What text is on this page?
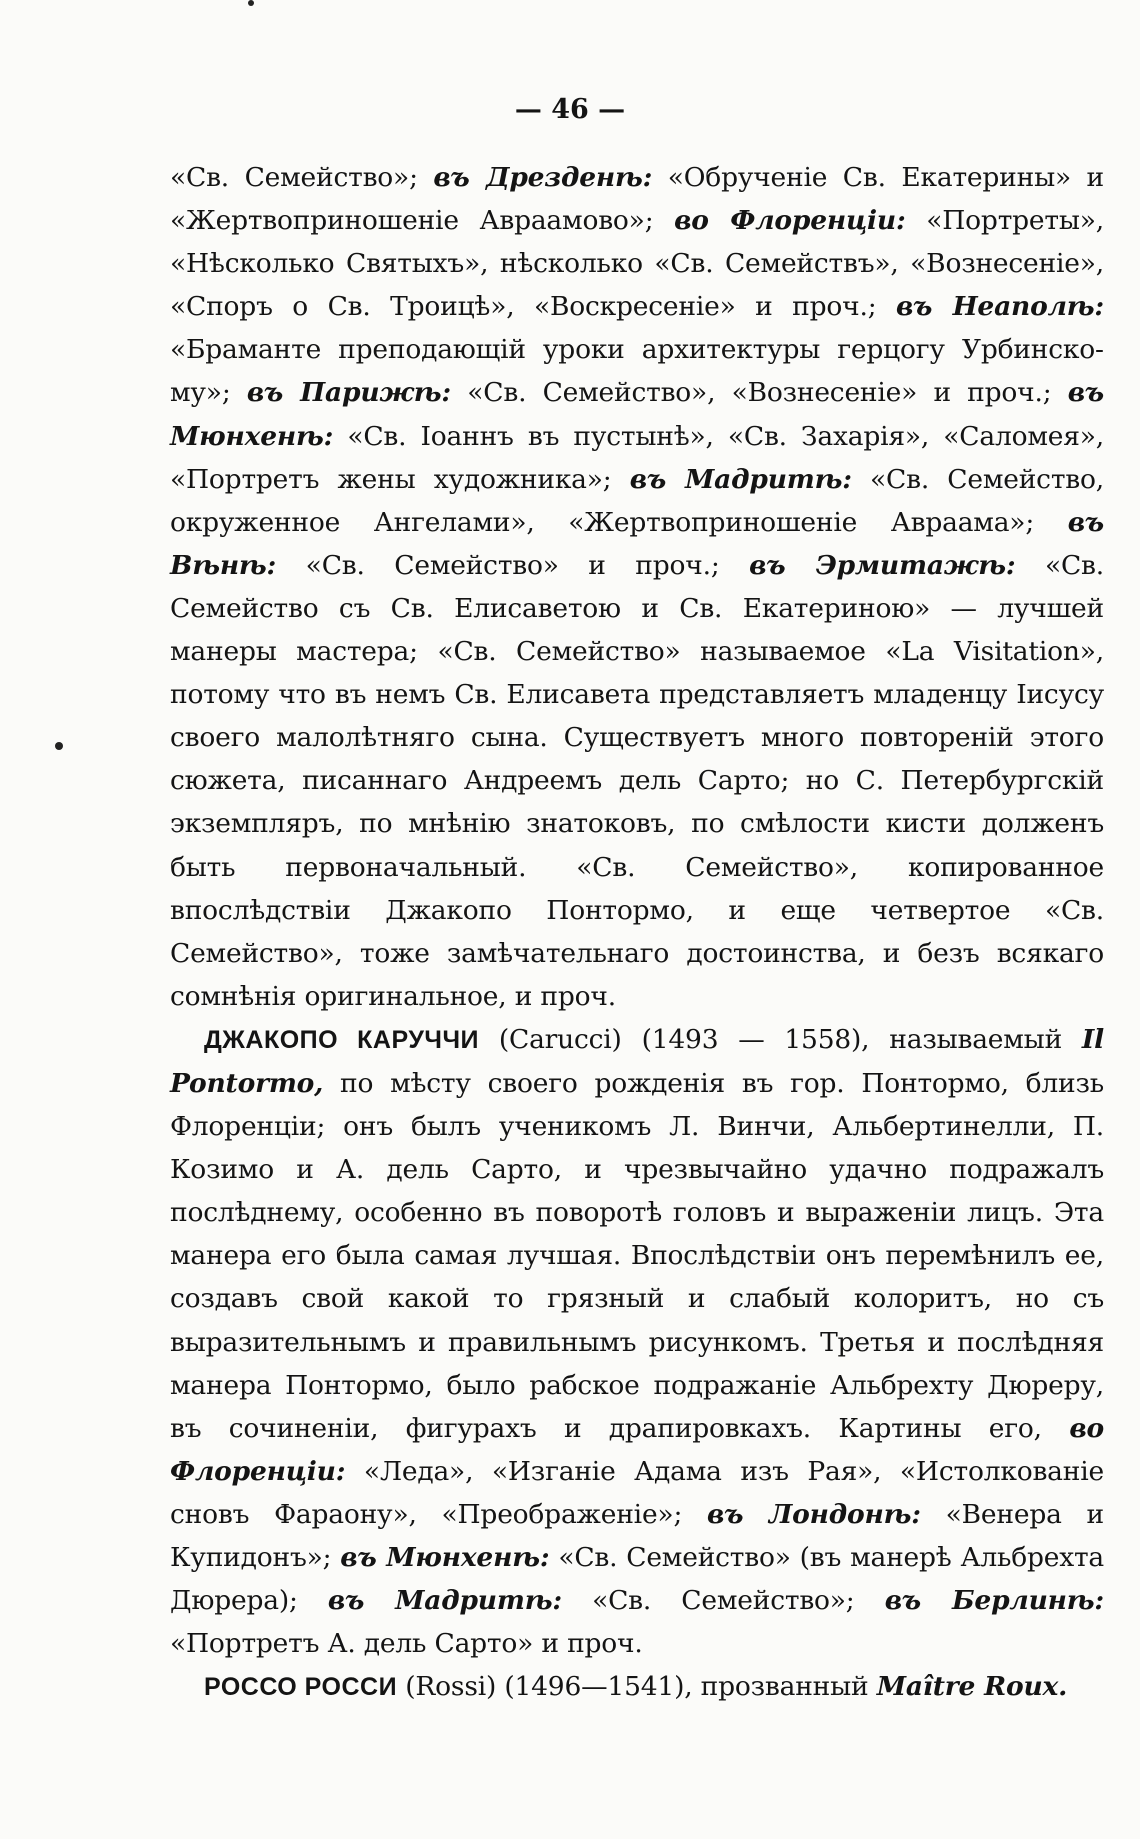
— 46 —

«Св. Семейство»; въ Дрезденѣ: «Обрученіе Св. Екатерины» и «Жертвоприношеніе Авраамово»; во Флоренціи: «Портреты», «Нѣсколько Святыхъ», нѣсколько «Св. Семействъ», «Вознесеніе», «Споръ о Св. Троицѣ», «Воскресеніе» и проч.; въ Неаполѣ: «Браманте преподающій уроки архитектуры герцогу Урбинскому»; въ Парижѣ: «Св. Семейство», «Вознесеніе» и проч.; въ Мюнхенѣ: «Св. Іоаннъ въ пустынѣ», «Св. Захарія», «Саломея», «Портретъ жены художника»; въ Мадритѣ: «Св. Семейство, окруженное Ангелами», «Жертвоприношеніе Авраама»; въ Вѣнѣ: «Св. Семейство» и проч.; въ Эрмитажѣ: «Св. Семейство съ Св. Елисаветою и Св. Екатериною» — лучшей манеры мастера; «Св. Семейство» называемое «La Visitation», потому что въ немъ Св. Елисавета представляетъ младенцу Іисусу своего малолѣтняго сына. Существуетъ много повтореній этого сюжета, писаннаго Андреемъ дель Сарто; но С. Петербургскій экземпляръ, по мнѣнію знатоковъ, по смѣлости кисти долженъ быть первоначальный. «Св. Семейство», копированное впослѣдствіи Джакопо Понтормо, и еще четвертое «Св. Семейство», тоже замѣчательнаго достоинства, и безъ всякаго сомнѣнія оригинальное, и проч.

ДЖАКОПО КАРУЧЧИ (Carucci) (1493 — 1558), называемый Il Pontormo, по мѣсту своего рожденія въ гор. Понтормо, близь Флоренціи; онъ былъ ученикомъ Л. Винчи, Альбертинелли, П. Козимо и А. дель Сарто, и чрезвычайно удачно подражалъ послѣднему, особенно въ поворотѣ головъ и выраженіи лицъ. Эта манера его была самая лучшая. Впослѣдствіи онъ перемѣнилъ ее, создавъ свой какой то грязный и слабый колоритъ, но съ выразительнымъ и правильнымъ рисункомъ. Третья и послѣдняя манера Понтормо, было рабское подражаніе Альбрехту Дюреру, въ сочиненіи, фигурахъ и драпировкахъ. Картины его, во Флоренціи: «Леда», «Изганіе Адама изъ Рая», «Истолкованіе сновъ Фараону», «Преображеніе»; въ Лондонѣ: «Венера и Купидонъ»; въ Мюнхенѣ: «Св. Семейство» (въ манерѣ Альбрехта Дюрера); въ Мадритѣ: «Св. Семейство»; въ Берлинѣ: «Портретъ А. дель Сарто» и проч.

РОССО РОССИ (Rossi) (1496—1541), прозванный Maître Roux.
